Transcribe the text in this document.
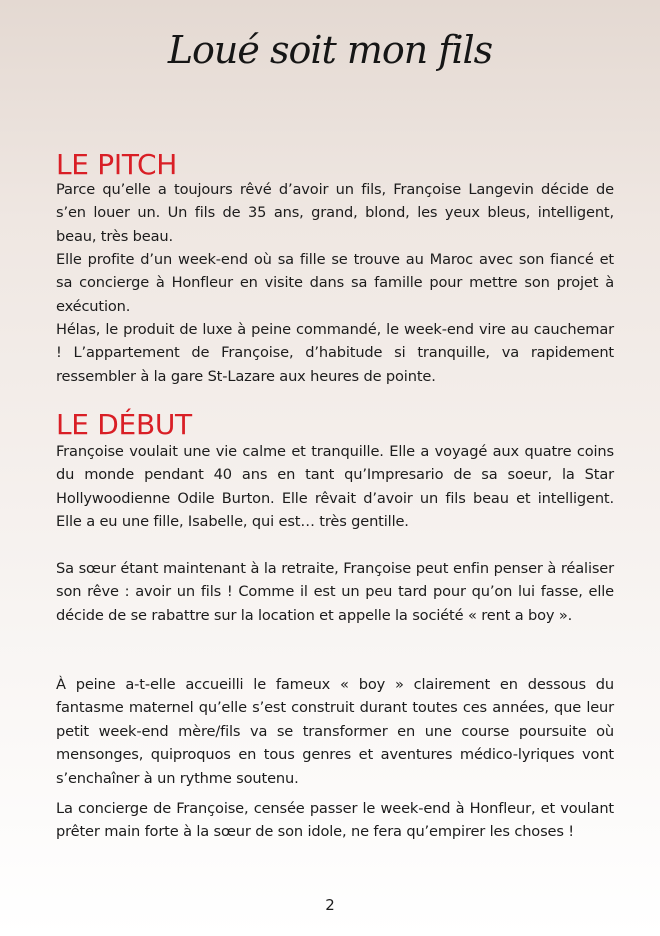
Loué soit mon fils
LE PITCH
Parce qu’elle a toujours rêvé d’avoir un fils, Françoise Langevin décide de s’en louer un. Un fils de 35 ans, grand, blond, les yeux bleus, intelligent, beau, très beau.
Elle profite d’un week-end où sa fille se trouve au Maroc avec son fiancé et sa concierge à Honfleur en visite dans sa famille pour mettre son projet à exécution.
Hélas, le produit de luxe à peine commandé, le week-end vire au cauchemar ! L’appartement de Françoise, d’habitude si tranquille, va rapidement ressembler à la gare St-Lazare aux heures de pointe.
LE DÉBUT
Françoise voulait une vie calme et tranquille. Elle a voyagé aux quatre coins du monde pendant 40 ans en tant qu’Impresario de sa soeur, la Star Hollywoodienne Odile Burton. Elle rêvait d’avoir un fils beau et intelligent. Elle a eu une fille, Isabelle, qui est… très gentille.
Sa sœur étant maintenant à la retraite, Françoise peut enfin penser à réaliser son rêve : avoir un fils ! Comme il est un peu tard pour qu’on lui fasse, elle décide de se rabattre sur la location et appelle la société « rent a boy ».
À peine a-t-elle accueilli le fameux « boy » clairement en dessous du fantasme maternel qu’elle s’est construit durant toutes ces années, que leur petit week-end mère/fils va se transformer en une course poursuite où mensonges, quiproquos en tous genres et aventures médico-lyriques vont s’enchaîner à un rythme soutenu.
La concierge de Françoise, censée passer le week-end à Honfleur, et voulant prêter main forte à la sœur de son idole, ne fera qu’empirer les choses !
2
